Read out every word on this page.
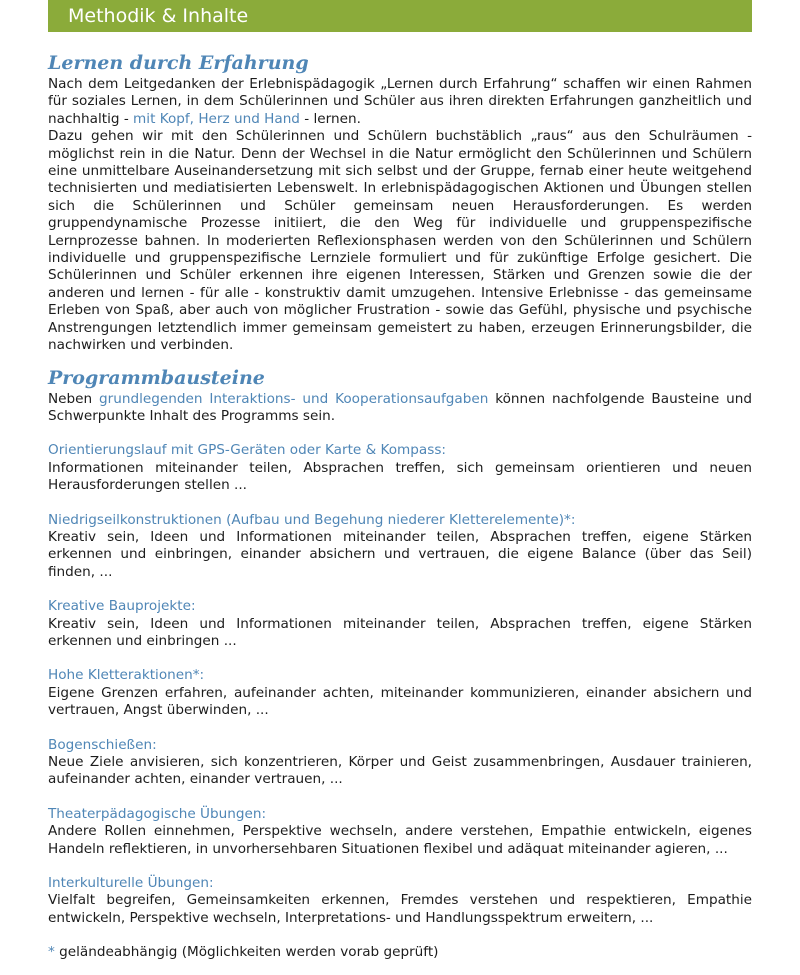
Methodik & Inhalte
Lernen durch Erfahrung

Nach dem Leitgedanken der Erlebnispädagogik „Lernen durch Erfahrung“ schaffen wir einen Rahmen für soziales Lernen, in dem Schülerinnen und Schüler aus ihren direkten Erfahrungen ganzheitlich und nachhaltig - mit Kopf, Herz und Hand - lernen.

Dazu gehen wir mit den Schülerinnen und Schülern buchstäblich „raus“ aus den Schulräumen - möglichst rein in die Natur. Denn der Wechsel in die Natur ermöglicht den Schülerinnen und Schülern eine unmittelbare Auseinandersetzung mit sich selbst und der Gruppe, fernab einer heute weitgehend technisierten und mediatisierten Lebenswelt. In erlebnispädagogischen Aktionen und Übungen stellen sich die Schülerinnen und Schüler gemeinsam neuen Herausforderungen. Es werden gruppendynamische Prozesse initiiert, die den Weg für individuelle und gruppenspezifische Lernprozesse bahnen. In moderierten Reflexionsphasen werden von den Schülerinnen und Schülern individuelle und gruppenspezifische Lernziele formuliert und für zukünftige Erfolge gesichert. Die Schülerinnen und Schüler erkennen ihre eigenen Interessen, Stärken und Grenzen sowie die der anderen und lernen - für alle - konstruktiv damit umzugehen. Intensive Erlebnisse - das gemeinsame Erleben von Spaß, aber auch von möglicher Frustration - sowie das Gefühl, physische und psychische Anstrengungen letztendlich immer gemeinsam gemeistert zu haben, erzeugen Erinnerungsbilder, die nachwirken und verbinden.

Programmbausteine

Neben grundlegenden Interaktions- und Kooperationsaufgaben können nachfolgende Bausteine und Schwerpunkte Inhalt des Programms sein.

Orientierungslauf mit GPS-Geräten oder Karte & Kompass:

Informationen miteinander teilen, Absprachen treffen, sich gemeinsam orientieren und neuen Herausforderungen stellen ...

Niedrigseilkonstruktionen (Aufbau und Begehung niederer Kletterelemente)*:

Kreativ sein, Ideen und Informationen miteinander teilen, Absprachen treffen, eigene Stärken erkennen und einbringen, einander absichern und vertrauen, die eigene Balance (über das Seil) finden, ...

Kreative Bauprojekte:

Kreativ sein, Ideen und Informationen miteinander teilen, Absprachen treffen, eigene Stärken erkennen und einbringen ...

Hohe Kletteraktionen*:

Eigene Grenzen erfahren, aufeinander achten, miteinander kommunizieren, einander absichern und vertrauen, Angst überwinden, ...

Bogenschießen:

Neue Ziele anvisieren, sich konzentrieren, Körper und Geist zusammenbringen, Ausdauer trainieren, aufeinander achten, einander vertrauen, ...

Theaterpädagogische Übungen:

Andere Rollen einnehmen, Perspektive wechseln, andere verstehen, Empathie entwickeln, eigenes Handeln reflektieren, in unvorhersehbaren Situationen flexibel und adäquat miteinander agieren, ...

Interkulturelle Übungen:

Vielfalt begreifen, Gemeinsamkeiten erkennen, Fremdes verstehen und respektieren, Empathie entwickeln, Perspektive wechseln, Interpretations- und Handlungsspektrum erweitern, ...

* geländeabhängig (Möglichkeiten werden vorab geprüft)
